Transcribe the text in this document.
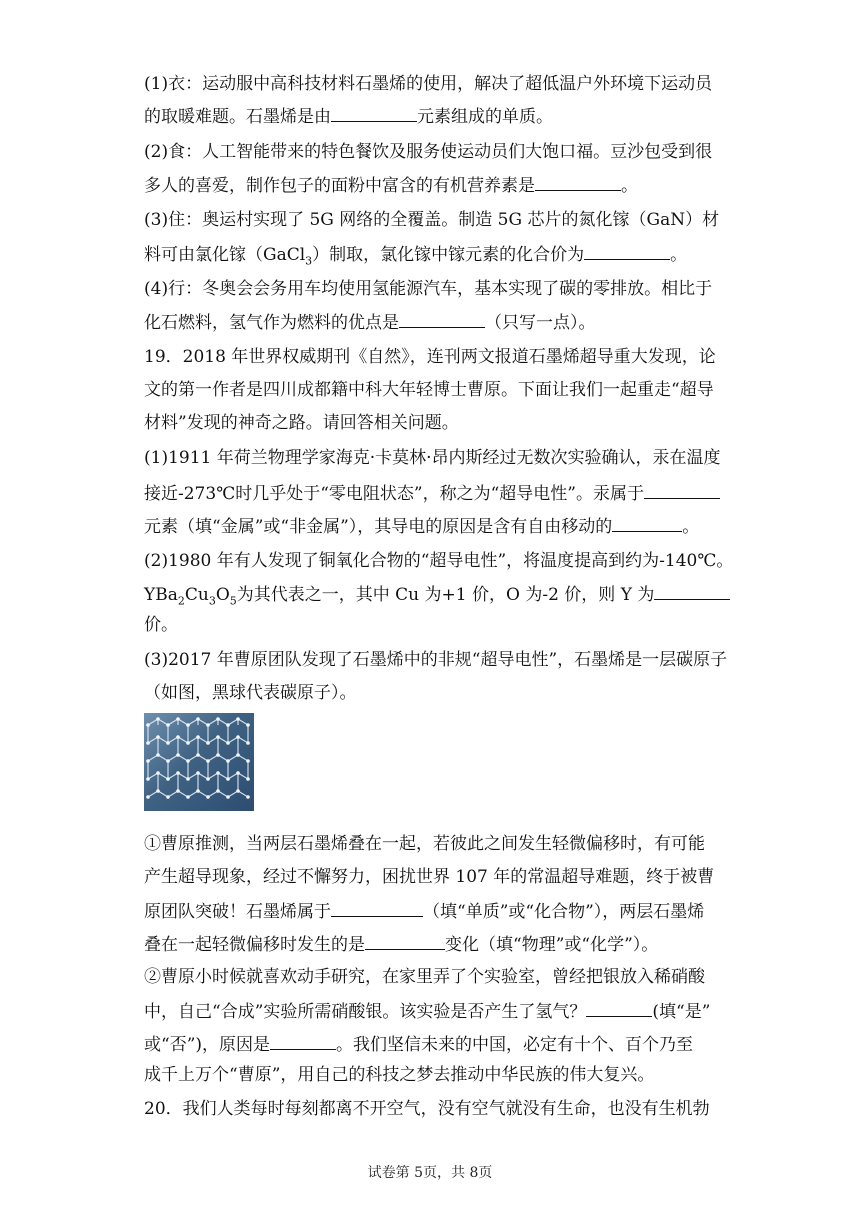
(1)衣：运动服中高科技材料石墨烯的使用，解决了超低温户外环境下运动员
的取暖难题。石墨烯是由	元素组成的单质。
(2)食：人工智能带来的特色餐饮及服务使运动员们大饱口福。豆沙包受到很
多人的喜爱，制作包子的面粉中富含的有机营养素是	。
(3)住：奥运村实现了 5G 网络的全覆盖。制造 5G 芯片的氮化镓（GaN）材
料可由氯化镓（GaCl$_3$）制取，氯化镓中镓元素的化合价为	。
(4)行：冬奥会会务用车均使用氢能源汽车，基本实现了碳的零排放。相比于
化石燃料，氢气作为燃料的优点是	（只写一点）。
19．2018 年世界权威期刊《自然》，连刊两文报道石墨烯超导重大发现，论
文的第一作者是四川成都籍中科大年轻博士曹原。下面让我们一起重走“超导
材料”发现的神奇之路。请回答相关问题。
(1)1911 年荷兰物理学家海克·卡莫林·昂内斯经过无数次实验确认，汞在温度
接近-273℃时几乎处于“零电阻状态”，称之为“超导电性”。汞属于
元素（填“金属”或“非金属”），其导电的原因是含有自由移动的	。
(2)1980 年有人发现了铜氧化合物的“超导电性”，将温度提高到约为-140℃。
$YBa_2Cu_3O_5$为其代表之一，其中 Cu 为+1 价，O 为-2 价，则 Y 为
价。
(3)2017 年曹原团队发现了石墨烯中的非规“超导电性”，石墨烯是一层碳原子
（如图，黑球代表碳原子）。
①曹原推测，当两层石墨烯叠在一起，若彼此之间发生轻微偏移时，有可能
产生超导现象，经过不懈努力，困扰世界 107 年的常温超导难题，终于被曹
原团队突破！石墨烯属于	（填“单质”或“化合物”），两层石墨烯
叠在一起轻微偏移时发生的是	变化（填“物理”或“化学”）。
②曹原小时候就喜欢动手研究，在家里弄了个实验室，曾经把银放入稀硝酸
中，自己“合成”实验所需硝酸银。该实验是否产生了氢气？	(填“是”
或“否”)，原因是	。我们坚信未来的中国，必定有十个、百个乃至
成千上万个“曹原”，用自己的科技之梦去推动中华民族的伟大复兴。
20．我们人类每时每刻都离不开空气，没有空气就没有生命，也没有生机勃
试卷第 5页，共 8页
